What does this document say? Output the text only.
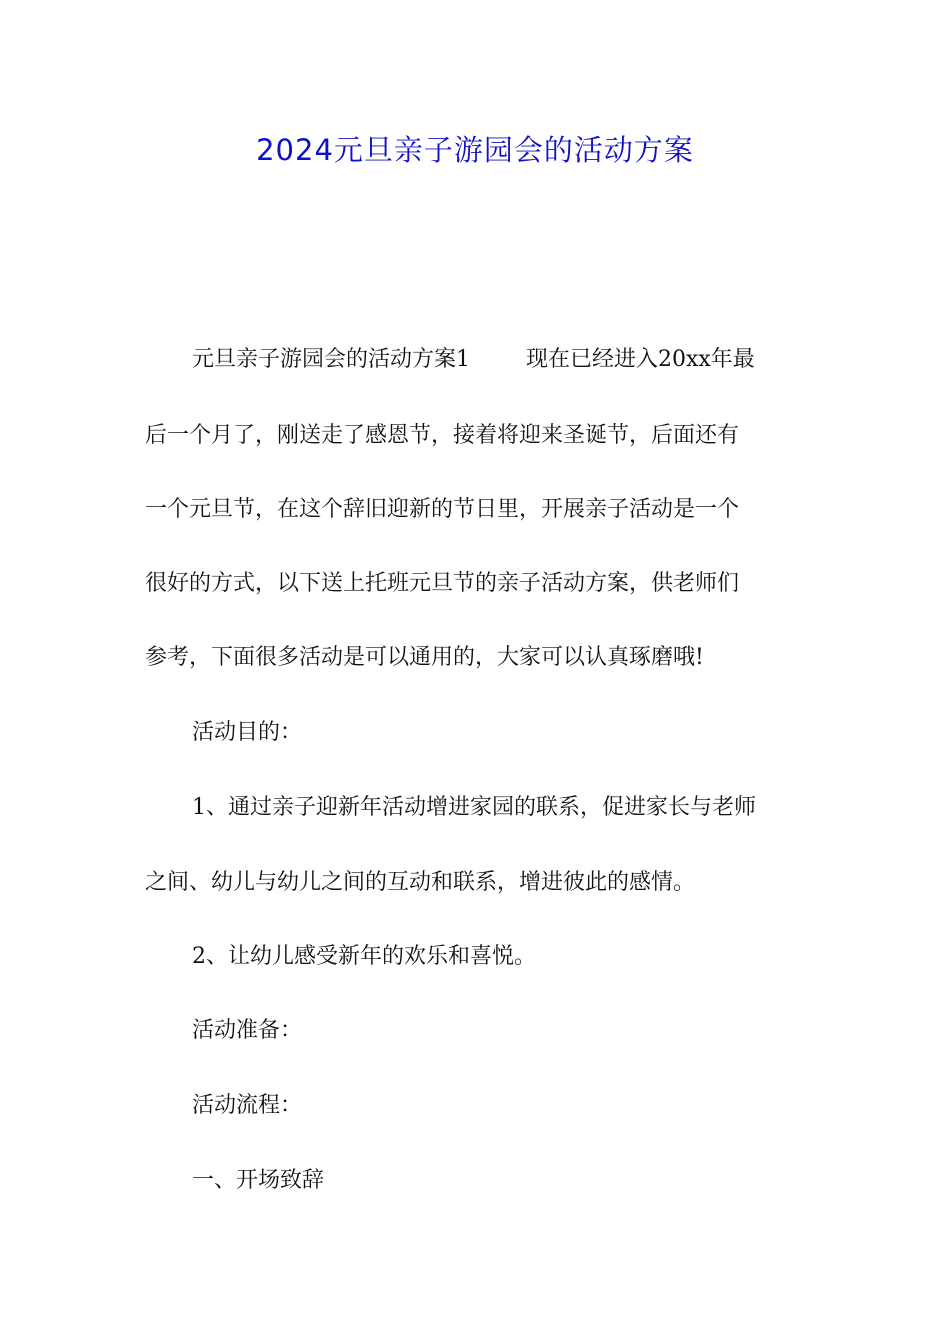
2024元旦亲子游园会的活动方案
元旦亲子游园会的活动方案1	现在已经进入20xx年最
后一个月了，刚送走了感恩节，接着将迎来圣诞节，后面还有
一个元旦节，在这个辞旧迎新的节日里，开展亲子活动是一个
很好的方式，以下送上托班元旦节的亲子活动方案，供老师们
参考，下面很多活动是可以通用的，大家可以认真琢磨哦!
活动目的：
1、通过亲子迎新年活动增进家园的联系，促进家长与老师
之间、幼儿与幼儿之间的互动和联系，增进彼此的感情。
2、让幼儿感受新年的欢乐和喜悦。
活动准备：
活动流程：
一、开场致辞
